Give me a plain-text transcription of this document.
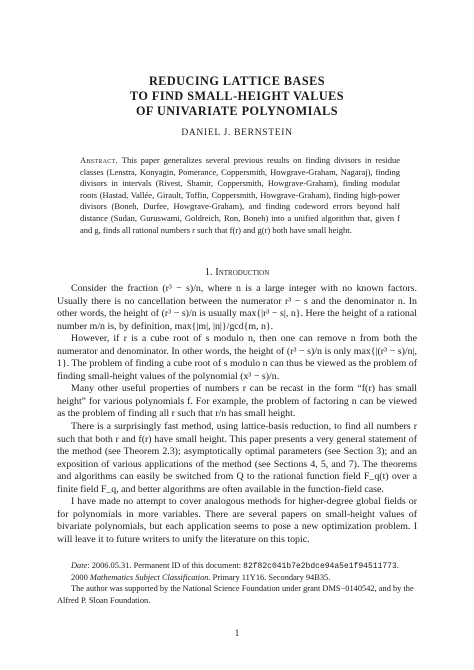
REDUCING LATTICE BASES
TO FIND SMALL-HEIGHT VALUES
OF UNIVARIATE POLYNOMIALS
DANIEL J. BERNSTEIN
Abstract. This paper generalizes several previous results on finding divisors in residue classes (Lenstra, Konyagin, Pomerance, Coppersmith, Howgrave-Graham, Nagaraj), finding divisors in intervals (Rivest, Shamir, Coppersmith, Howgrave-Graham), finding modular roots (Hastad, Vallée, Girault, Toffin, Coppersmith, Howgrave-Graham), finding high-power divisors (Boneh, Durfee, Howgrave-Graham), and finding codeword errors beyond half distance (Sudan, Guruswami, Goldreich, Ron, Boneh) into a unified algorithm that, given f and g, finds all rational numbers r such that f(r) and g(r) both have small height.
1. Introduction

Consider the fraction (r³ − s)/n, where n is a large integer with no known factors. Usually there is no cancellation between the numerator r³ − s and the denominator n. In other words, the height of (r³ − s)/n is usually max{|r³ − s|, n}. Here the height of a rational number m/n is, by definition, max{|m|, |n|}/gcd{m, n}.

However, if r is a cube root of s modulo n, then one can remove n from both the numerator and denominator. In other words, the height of (r³ − s)/n is only max{|(r³ − s)/n|, 1}. The problem of finding a cube root of s modulo n can thus be viewed as the problem of finding small-height values of the polynomial (x³ − s)/n.

Many other useful properties of numbers r can be recast in the form “f(r) has small height” for various polynomials f. For example, the problem of factoring n can be viewed as the problem of finding all r such that r/n has small height.

There is a surprisingly fast method, using lattice-basis reduction, to find all numbers r such that both r and f(r) have small height. This paper presents a very general statement of the method (see Theorem 2.3); asymptotically optimal parameters (see Section 3); and an exposition of various applications of the method (see Sections 4, 5, and 7). The theorems and algorithms can easily be switched from Q to the rational function field F_q(t) over a finite field F_q, and better algorithms are often available in the function-field case.

I have made no attempt to cover analogous methods for higher-degree global fields or for polynomials in more variables. There are several papers on small-height values of bivariate polynomials, but each application seems to pose a new optimization problem. I will leave it to future writers to unify the literature on this topic.

Date: 2006.05.31. Permanent ID of this document: 82f82c041b7e2bdce94a5e1f94511773.

2000 Mathematics Subject Classification. Primary 11Y16. Secondary 94B35.

The author was supported by the National Science Foundation under grant DMS−0140542, and by the Alfred P. Sloan Foundation.

1
